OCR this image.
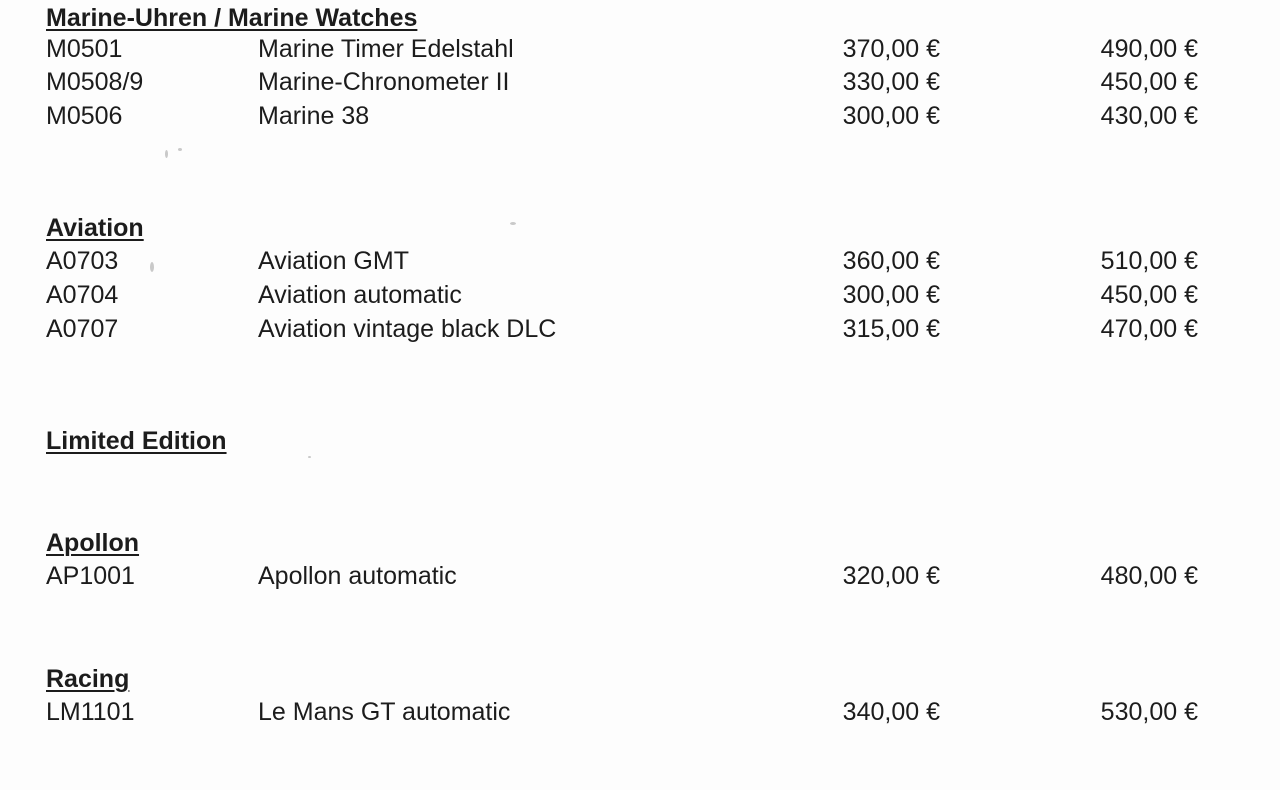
Marine-Uhren / Marine Watches
M0501	Marine Timer Edelstahl	370,00 €	490,00 €
M0508/9	Marine-Chronometer II	330,00 €	450,00 €
M0506	Marine 38	300,00 €	430,00 €
Aviation
A0703	Aviation GMT	360,00 €	510,00 €
A0704	Aviation automatic	300,00 €	450,00 €
A0707	Aviation vintage black DLC	315,00 €	470,00 €
Limited Edition
Apollon
AP1001	Apollon automatic	320,00 €	480,00 €
Racing
LM1101	Le Mans GT automatic	340,00 €	530,00 €
